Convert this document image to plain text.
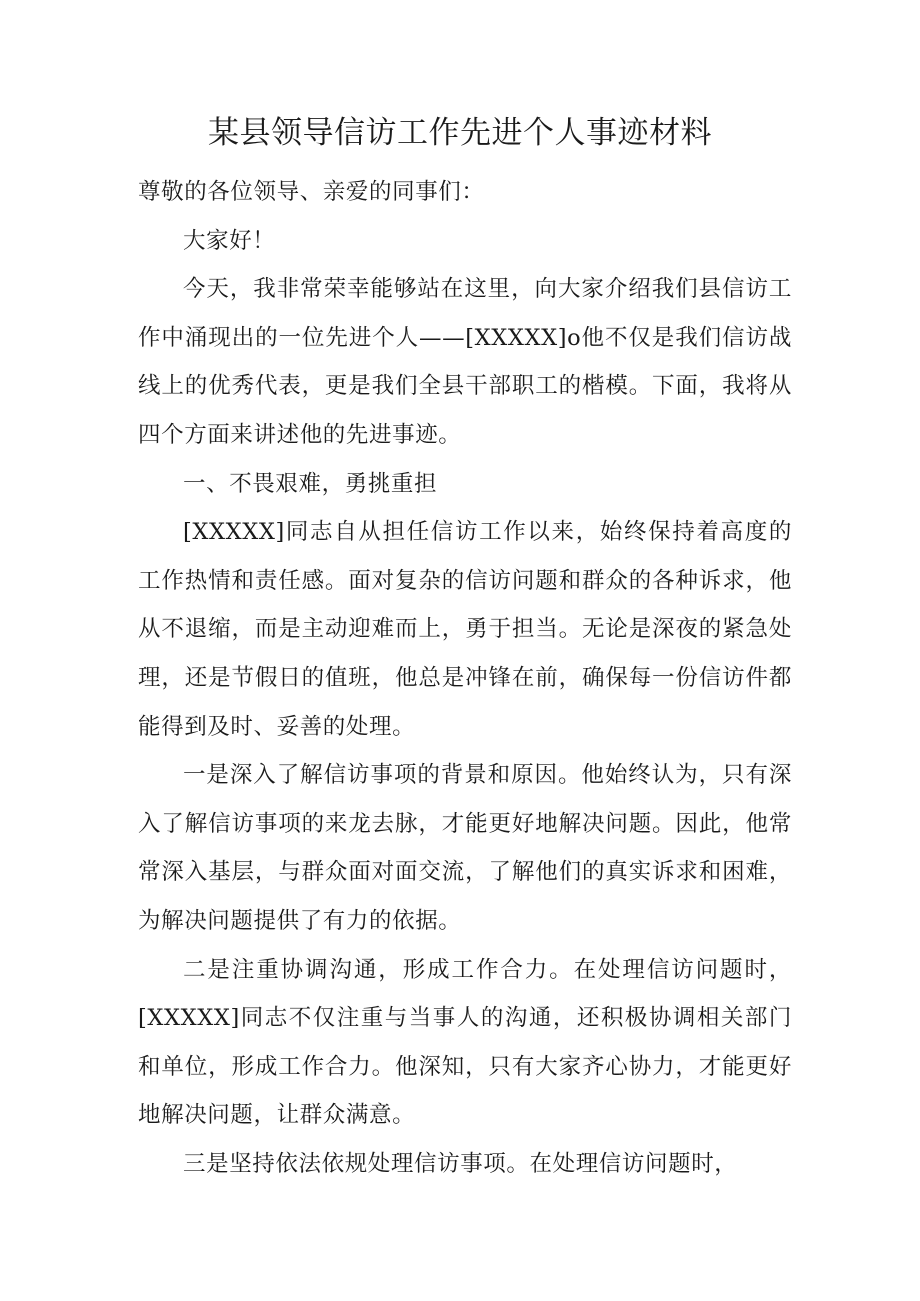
某县领导信访工作先进个人事迹材料

尊敬的各位领导、亲爱的同事们：

大家好！

今天，我非常荣幸能够站在这里，向大家介绍我们县信访工作中涌现出的一位先进个人——[XXXXX]o他不仅是我们信访战线上的优秀代表，更是我们全县干部职工的楷模。下面，我将从四个方面来讲述他的先进事迹。

一、不畏艰难，勇挑重担

[XXXXX]同志自从担任信访工作以来，始终保持着高度的工作热情和责任感。面对复杂的信访问题和群众的各种诉求，他从不退缩，而是主动迎难而上，勇于担当。无论是深夜的紧急处理，还是节假日的值班，他总是冲锋在前，确保每一份信访件都能得到及时、妥善的处理。

一是深入了解信访事项的背景和原因。他始终认为，只有深入了解信访事项的来龙去脉，才能更好地解决问题。因此，他常常深入基层，与群众面对面交流，了解他们的真实诉求和困难，为解决问题提供了有力的依据。

二是注重协调沟通，形成工作合力。在处理信访问题时，[XXXXX]同志不仅注重与当事人的沟通，还积极协调相关部门和单位，形成工作合力。他深知，只有大家齐心协力，才能更好地解决问题，让群众满意。

三是坚持依法依规处理信访事项。在处理信访问题时，
